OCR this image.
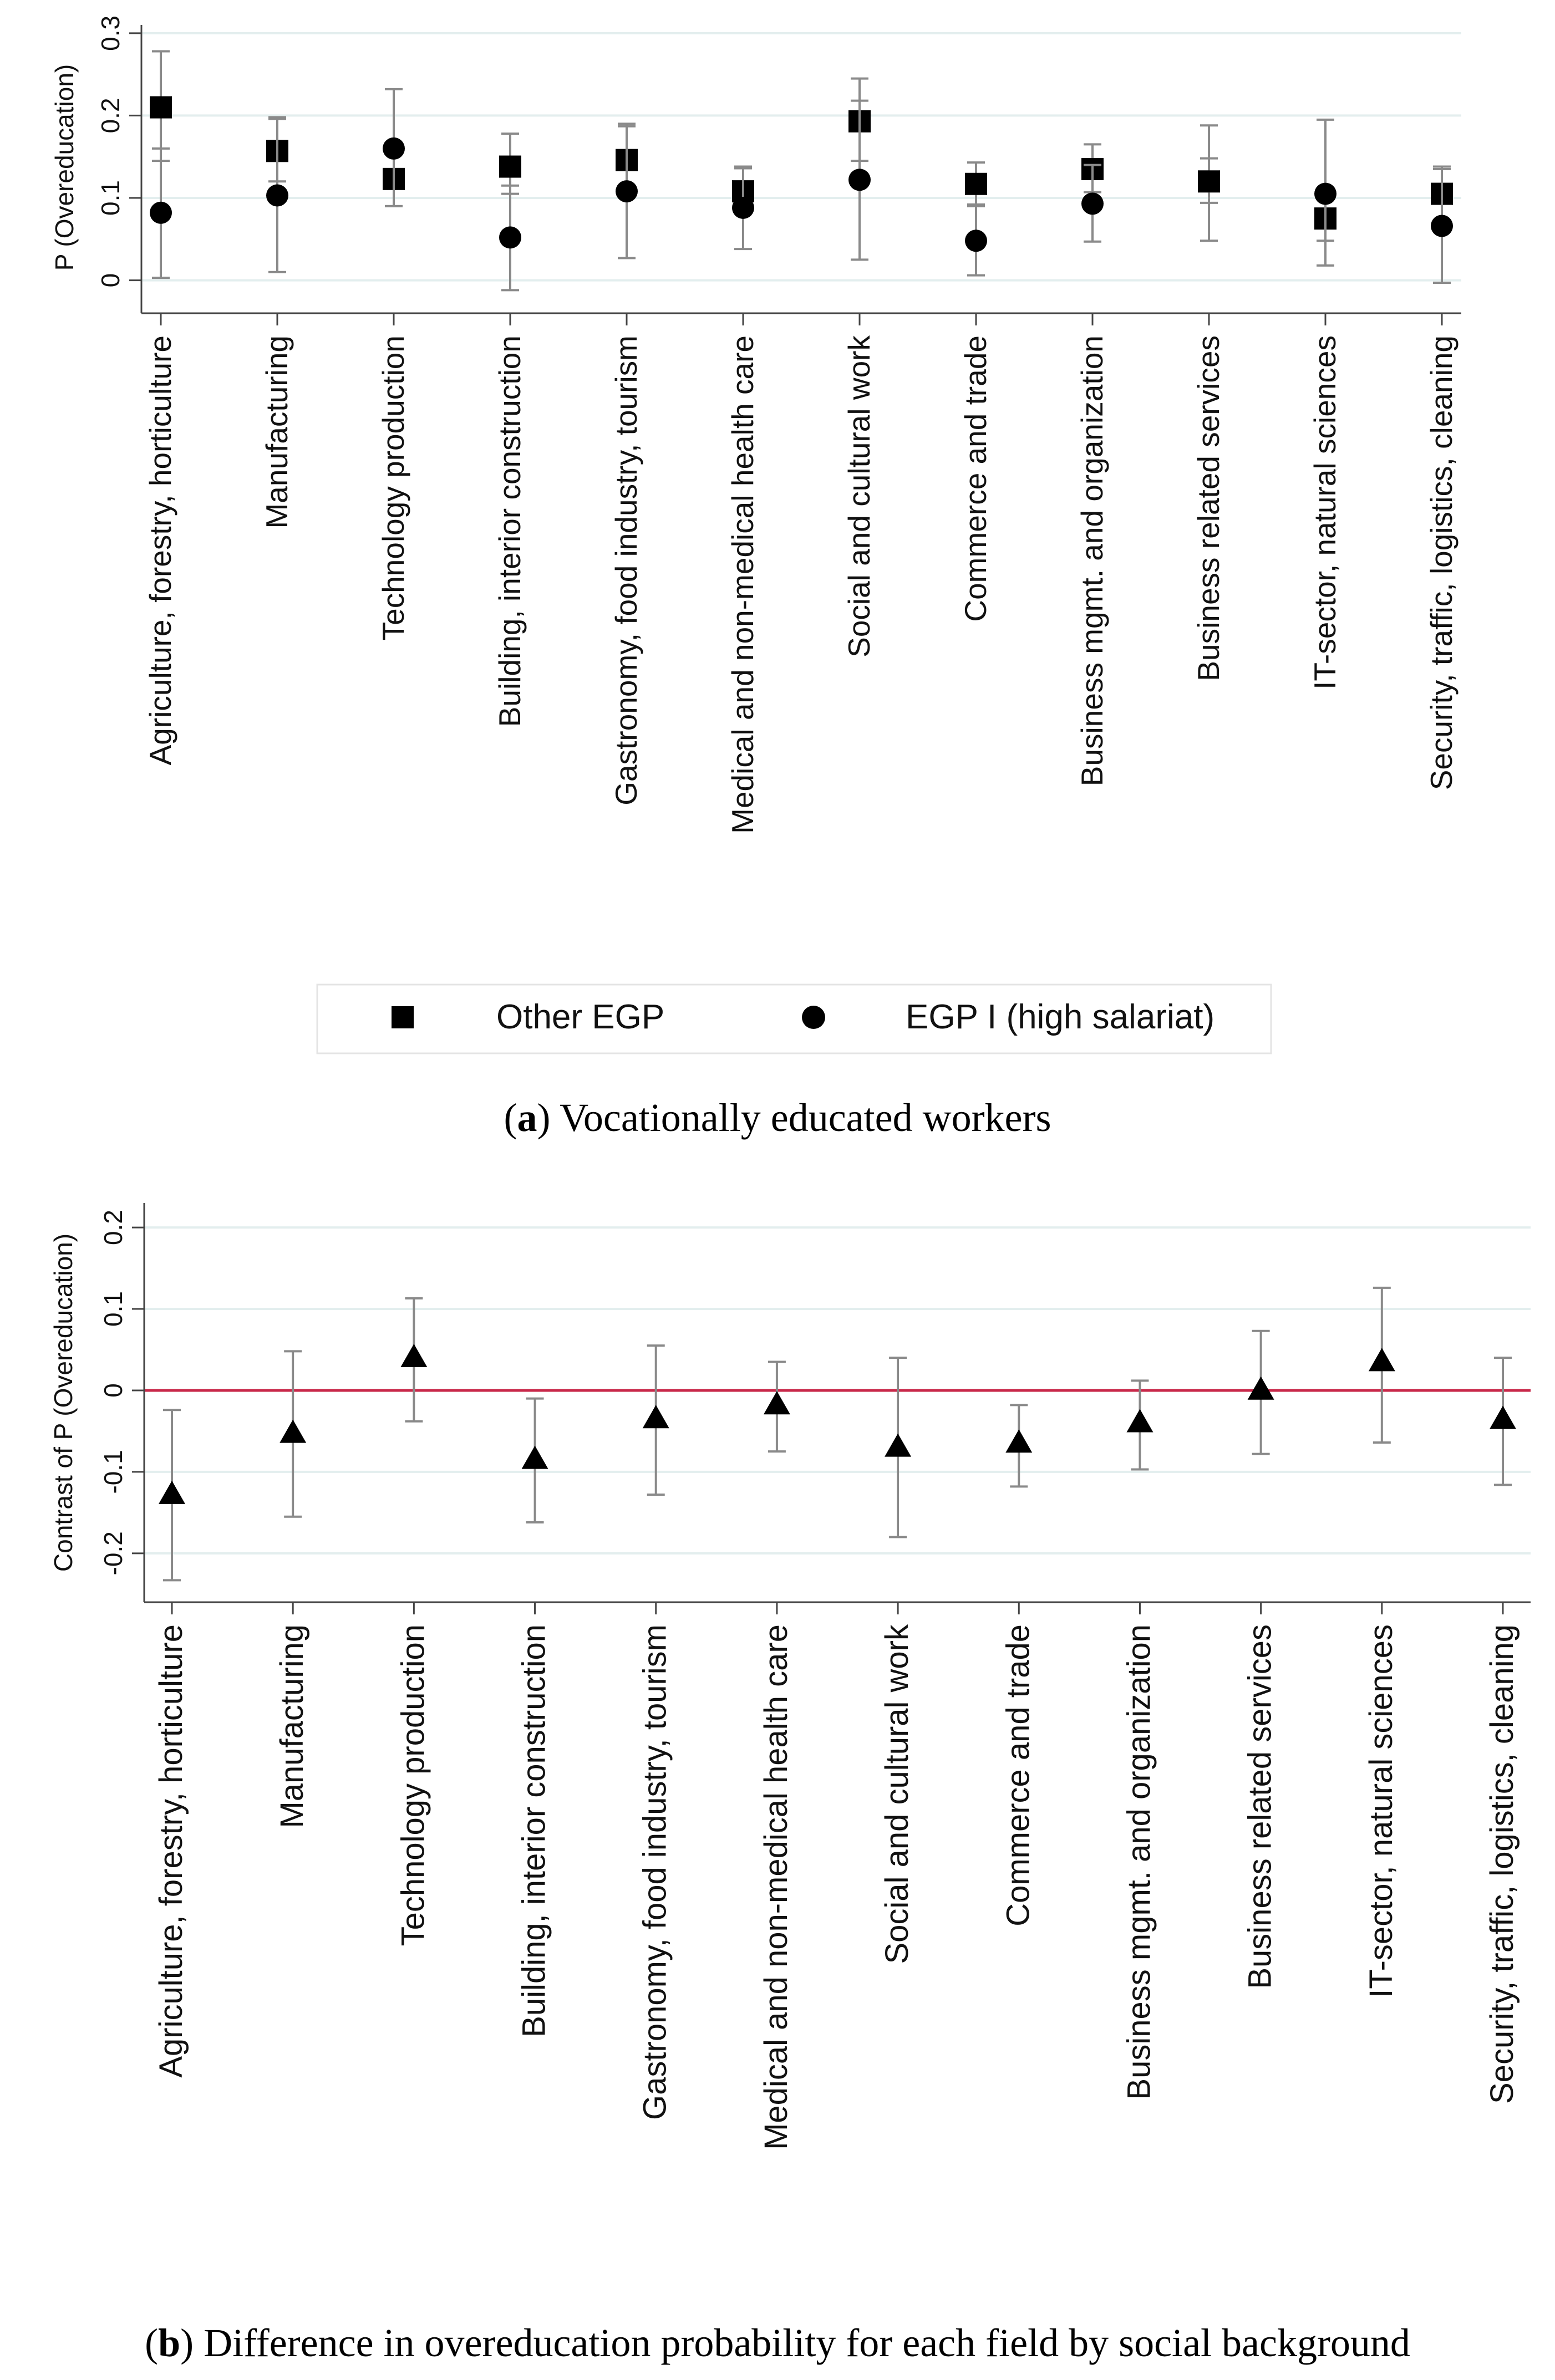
P (Overeducation)
0
0.1
0.2
0.3
Agriculture, forestry, horticulture	Manufacturing	Technology production	Building, interior construction	Gastronomy, food industry, tourism	Medical and non-medical health care	Social and cultural work	Commerce and trade	Business mgmt. and organization	Business related services	IT-sector, natural sciences	Security, traffic, logistics, cleaning
Other EGP	EGP I (high salariat)
Contrast of P (Overeducation)
0.2
0.1
0
-0.1
-0.2
Agriculture, forestry, horticulture	Manufacturing	Technology production	Building, interior construction	Gastronomy, food industry, tourism	Medical and non-medical health care	Social and cultural work	Commerce and trade	Business mgmt. and organization	Business related services	IT-sector, natural sciences	Security, traffic, logistics, cleaning
(a) Vocationally educated workers
(b) Difference in overeducation probability for each field by social background
